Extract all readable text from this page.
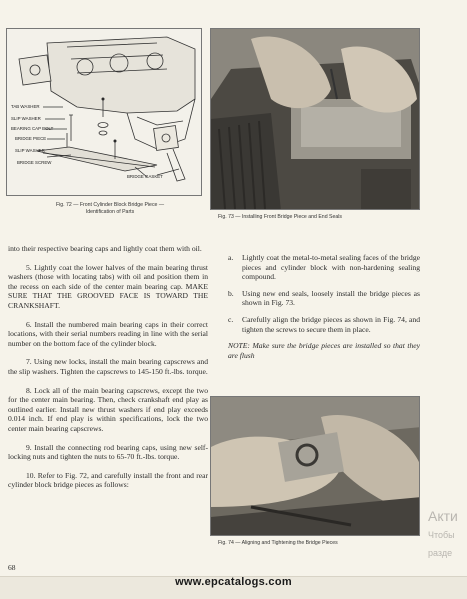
TAB WASHER
SLIP WASHER
BEARING CAP BOLT
BRIDGE PIECE
SLIP WASHER
BRIDGE SCREW
BRIDGE GASKET
Fig. 72 — Front Cylinder Block Bridge Piece —
Identification of Parts
Fig. 73 — Installing Front Bridge Piece and End Seals
Fig. 74 — Aligning and Tightening the Bridge Pieces

into their respective bearing caps and lightly coat them with oil.

5. Lightly coat the lower halves of the main bearing thrust washers (those with locating tabs) with oil and position them in the recess on each side of the center main bearing cap. MAKE SURE THAT THE GROOVED FACE IS TOWARD THE CRANKSHAFT.

6. Install the numbered main bearing caps in their correct locations, with their serial numbers reading in line with the serial number on the bottom face of the cylinder block.

7. Using new locks, install the main bearing capscrews and the slip washers. Tighten the capscrews to 145-150 ft.-lbs. torque.

8. Lock all of the main bearing capscrews, except the two for the center main bearing. Then, check crankshaft end play as outlined earlier. Install new thrust washers if end play exceeds 0.014 inch. If end play is within specifications, lock the two center main bearing capscrews.

9. Install the connecting rod bearing caps, using new self-locking nuts and tighten the nuts to 65-70 ft.-lbs. torque.

10. Refer to Fig. 72, and carefully install the front and rear cylinder block bridge pieces as follows:

a.	Lightly coat the metal-to-metal sealing faces of the bridge pieces and cylinder block with non-hardening sealing compound.
b.	Using new end seals, loosely install the bridge pieces as shown in Fig. 73.
c.	Carefully align the bridge pieces as shown in Fig. 74, and tighten the screws to secure them in place.

NOTE: Make sure the bridge pieces are installed so that they are flush

68
Акти
Чтобы
разде
www.epcatalogs.com
